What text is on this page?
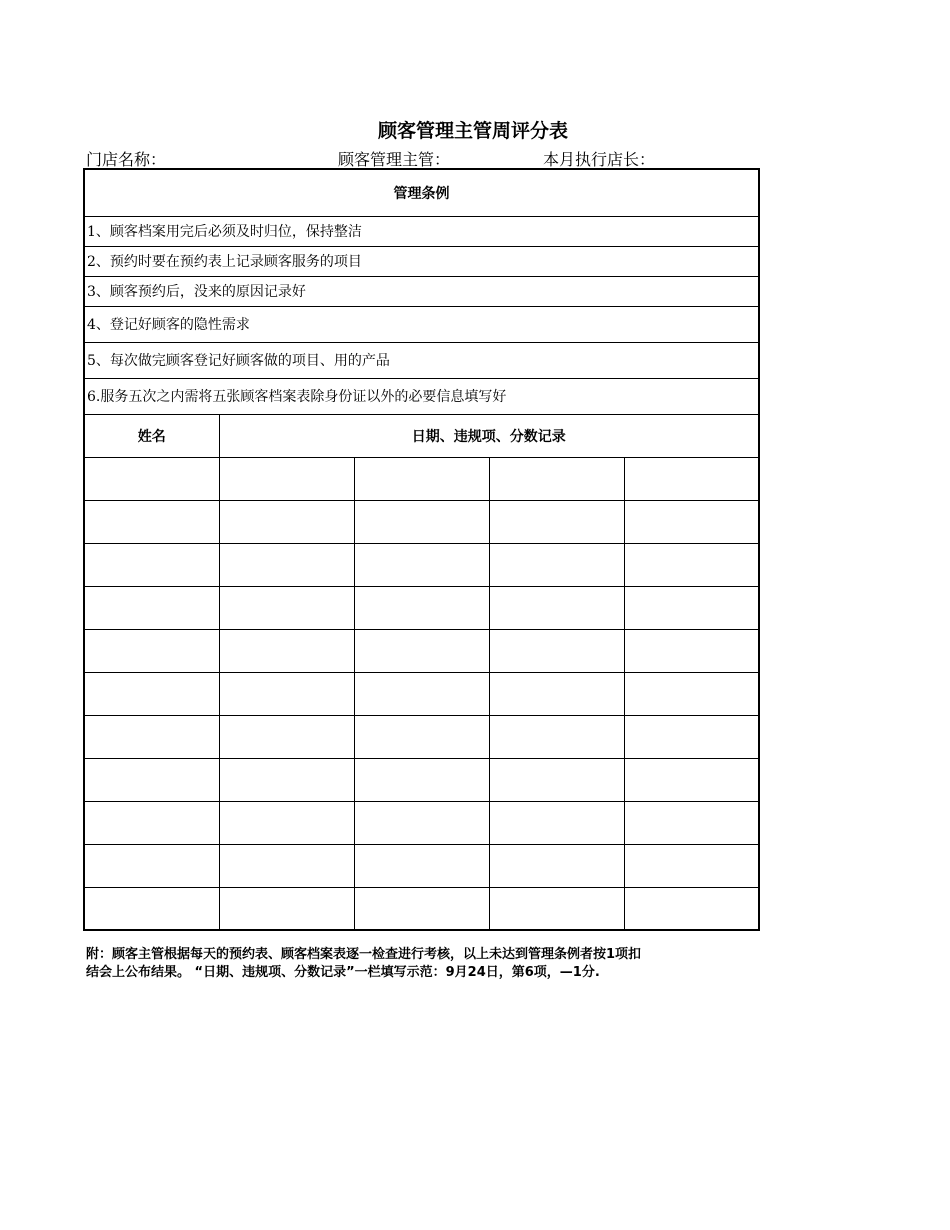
顾客管理主管周评分表
门店名称：	顾客管理主管：	本月执行店长：
管理条例				
1、顾客档案用完后必须及时归位，保持整洁				
2、预约时要在预约表上记录顾客服务的项目				
3、顾客预约后，没来的原因记录好				
4、登记好顾客的隐性需求				
5、每次做完顾客登记好顾客做的项目、用的产品				
6.服务五次之内需将五张顾客档案表除身份证以外的必要信息填写好				
姓名	日期、违规项、分数记录			

附：顾客主管根据每天的预约表、顾客档案表逐一检查进行考核，以上未达到管理条例者按1项扣
结会上公布结果。 “日期、违规项、分数记录”一栏填写示范：9月24日，第6项，—1分.
